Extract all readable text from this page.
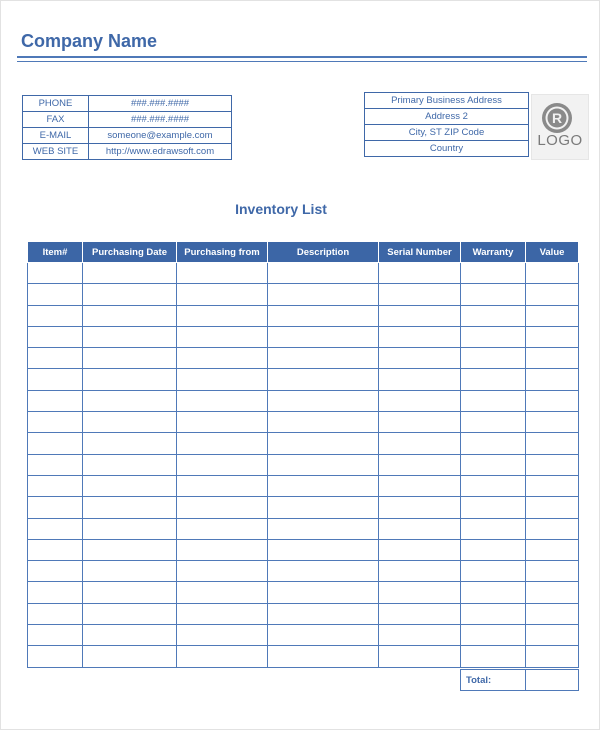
Company Name
PHONE	###.###.####
FAX	###.###.####
E-MAIL	someone@example.com
WEB SITE	http://www.edrawsoft.com
Primary Business Address
Address 2
City, ST ZIP Code
Country
R
LOGO
Inventory List
Item#	Purchasing Date	Purchasing from	Description	Serial Number	Warranty	Value

Total:	
